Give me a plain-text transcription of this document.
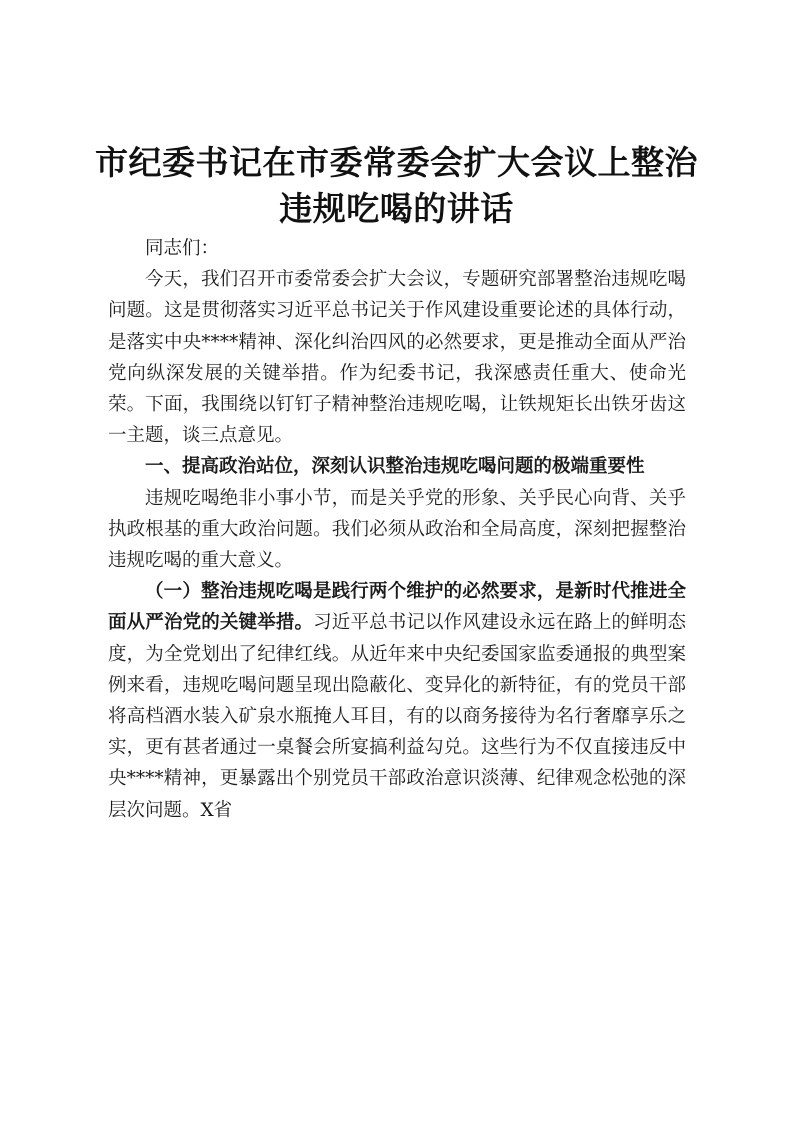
市纪委书记在市委常委会扩大会议上整治违规吃喝的讲话

同志们：

今天，我们召开市委常委会扩大会议，专题研究部署整治违规吃喝问题。这是贯彻落实习近平总书记关于作风建设重要论述的具体行动，是落实中央****精神、深化纠治四风的必然要求，更是推动全面从严治党向纵深发展的关键举措。作为纪委书记，我深感责任重大、使命光荣。下面，我围绕以钉钉子精神整治违规吃喝，让铁规矩长出铁牙齿这一主题，谈三点意见。

一、提高政治站位，深刻认识整治违规吃喝问题的极端重要性

违规吃喝绝非小事小节，而是关乎党的形象、关乎民心向背、关乎执政根基的重大政治问题。我们必须从政治和全局高度，深刻把握整治违规吃喝的重大意义。

（一）整治违规吃喝是践行两个维护的必然要求，是新时代推进全面从严治党的关键举措。习近平总书记以作风建设永远在路上的鲜明态度，为全党划出了纪律红线。从近年来中央纪委国家监委通报的典型案例来看，违规吃喝问题呈现出隐蔽化、变异化的新特征，有的党员干部将高档酒水装入矿泉水瓶掩人耳目，有的以商务接待为名行奢靡享乐之实，更有甚者通过一桌餐会所宴搞利益勾兑。这些行为不仅直接违反中央****精神，更暴露出个别党员干部政治意识淡薄、纪律观念松弛的深层次问题。X省
